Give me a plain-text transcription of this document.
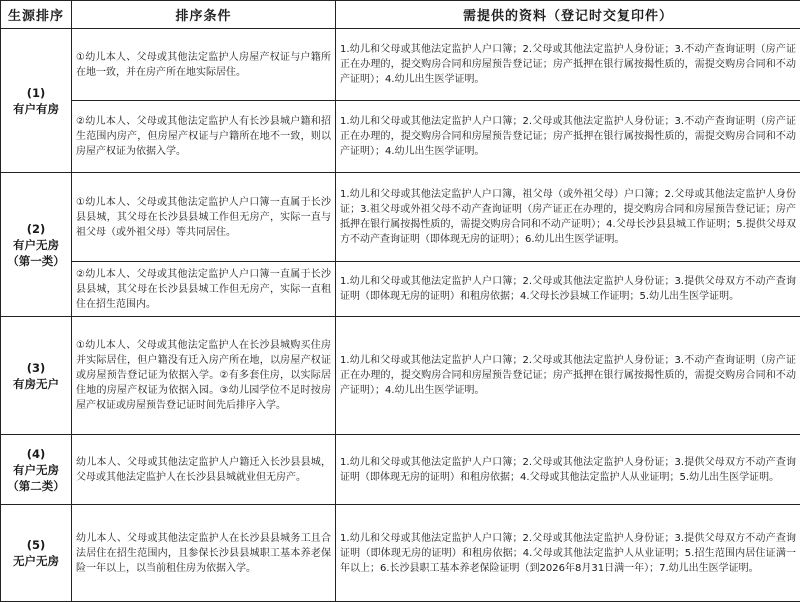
生源排序	排序条件	需提供的资料（登记时交复印件）

(1)
有户有房	①幼儿本人、父母或其他法定监护人房屋产权证与户籍所在地一致，并在房产所在地实际居住。	1.幼儿和父母或其他法定监护人户口簿；2.父母或其他法定监护人身份证；3.不动产查询证明（房产证正在办理的，提交购房合同和房屋预告登记证；房产抵押在银行属按揭性质的，需提交购房合同和不动产证明）；4.幼儿出生医学证明。
	②幼儿本人、父母或其他法定监护人有长沙县城户籍和招生范围内房产，但房屋产权证与户籍所在地不一致，则以房屋产权证为依据入学。	1.幼儿和父母或其他法定监护人户口簿；2.父母或其他法定监护人身份证；3.不动产查询证明（房产证正在办理的，提交购房合同和房屋预告登记证；房产抵押在银行属按揭性质的，需提交购房合同和不动产证明）；4.幼儿出生医学证明。

(2)
有户无房
（第一类）	①幼儿本人、父母或其他法定监护人户口簿一直属于长沙县县城，其父母在长沙县县城工作但无房产，实际一直与祖父母（或外祖父母）等共同居住。	1.幼儿和父母或其他法定监护人户口簿，祖父母（或外祖父母）户口簿；2.父母或其他法定监护人身份证；3.祖父母或外祖父母不动产查询证明（房产证正在办理的，提交购房合同和房屋预告登记证；房产抵押在银行属按揭性质的，需提交购房合同和不动产证明）；4.父母长沙县县城工作证明；5.提供父母双方不动产查询证明（即体现无房的证明）；6.幼儿出生医学证明。
	②幼儿本人、父母或其他法定监护人户口簿一直属于长沙县县城，其父母在长沙县县城工作但无房产，实际一直租住在招生范围内。	1.幼儿和父母或其他法定监护人户口簿；2.父母或其他法定监护人身份证；3.提供父母双方不动产查询证明（即体现无房的证明）和租房依据；4.父母长沙县城工作证明；5.幼儿出生医学证明。

(3)
有房无户	①幼儿本人、父母或其他法定监护人在长沙县城购买住房并实际居住，但户籍没有迁入房产所在地，以房屋产权证或房屋预告登记证为依据入学。②有多套住房，以实际居住地的房屋产权证为依据入园。③幼儿园学位不足时按房屋产权证或房屋预告登记证时间先后排序入学。	1.幼儿和父母或其他法定监护人户口簿；2.父母或其他法定监护人身份证；3.不动产查询证明（房产证正在办理的，提交购房合同和房屋预告登记证；房产抵押在银行属按揭性质的，需提交购房合同和不动产证明）；4.幼儿出生医学证明。

(4)
有户无房
（第二类）	幼儿本人、父母或其他法定监护人户籍迁入长沙县县城，父母或其他法定监护人在长沙县县城就业但无房产。	1.幼儿和父母或其他法定监护人户口簿；2.父母或其他法定监护人身份证；3.提供父母双方不动产查询证明（即体现无房的证明）和租房依据；4.父母或其他法定监护人从业证明；5.幼儿出生医学证明。

(5)
无户无房	幼儿本人、父母或其他法定监护人在长沙县县城务工且合法居住在招生范围内，且参保长沙县县城职工基本养老保险一年以上，以当前租住房为依据入学。	1.幼儿和父母或其他法定监护人户口簿；2.父母或其他法定监护人身份证；3.提供父母双方不动产查询证明（即体现无房的证明）和租房依据；4.父母或其他法定监护人从业证明；5.招生范围内居住证满一年以上；6.长沙县职工基本养老保险证明（到2026年8月31日满一年）；7.幼儿出生医学证明。
